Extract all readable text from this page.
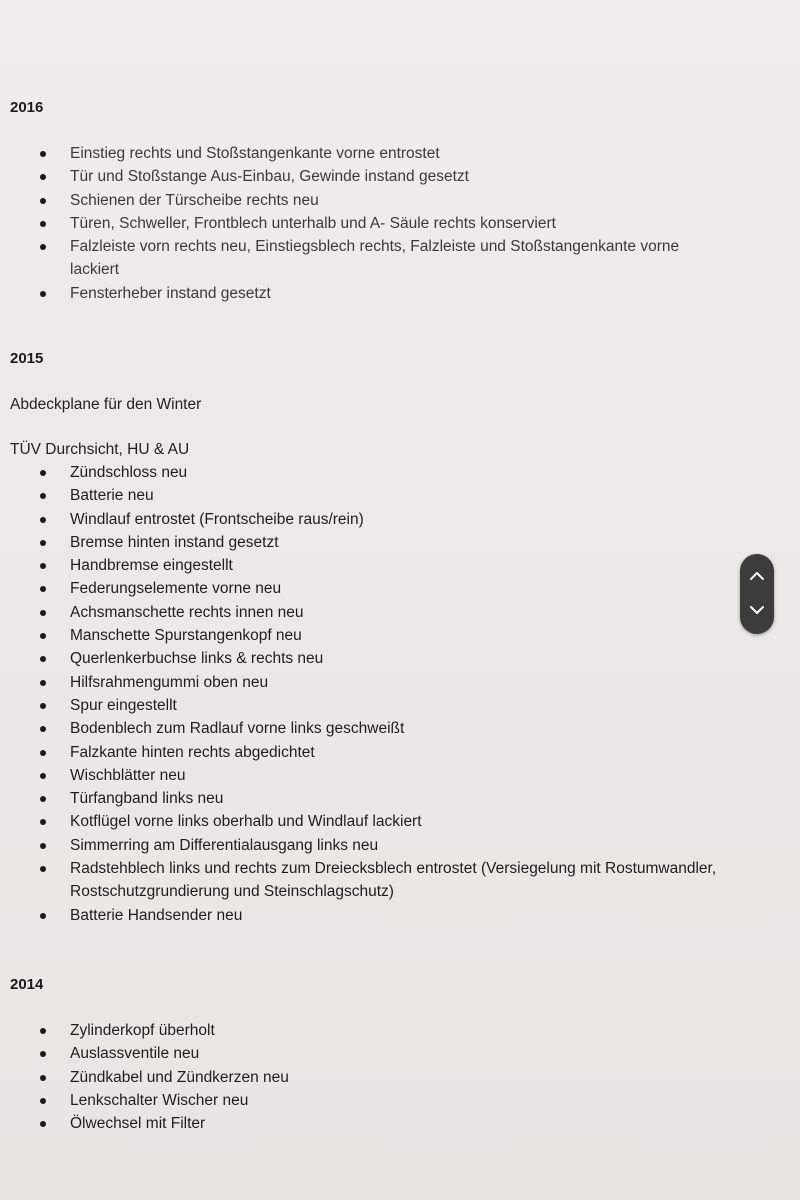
2016
Einstieg rechts und Stoßstangenkante vorne entrostet
Tür und Stoßstange Aus-Einbau, Gewinde instand gesetzt
Schienen der Türscheibe rechts neu
Türen, Schweller, Frontblech unterhalb und A- Säule rechts konserviert
Falzleiste vorn rechts neu, Einstiegsblech rechts, Falzleiste und Stoßstangenkante vorne lackiert
Fensterheber instand gesetzt
2015

Abdeckplane für den Winter

TÜV Durchsicht, HU & AU

Zündschloss neu
Batterie neu
Windlauf entrostet (Frontscheibe raus/rein)
Bremse hinten instand gesetzt
Handbremse eingestellt
Federungselemente vorne neu
Achsmanschette rechts innen neu
Manschette Spurstangenkopf neu
Querlenkerbuchse links & rechts neu
Hilfsrahmengummi oben neu
Spur eingestellt
Bodenblech zum Radlauf vorne links geschweißt
Falzkante hinten rechts abgedichtet
Wischblätter neu
Türfangband links neu
Kotflügel vorne links oberhalb und Windlauf lackiert
Simmerring am Differentialausgang links neu
Radstehblech links und rechts zum Dreiecksblech entrostet (Versiegelung mit Rostumwandler, Rostschutzgrundierung und Steinschlagschutz)
Batterie Handsender neu
2014
Zylinderkopf überholt
Auslassventile neu
Zündkabel und Zündkerzen neu
Lenkschalter Wischer neu
Ölwechsel mit Filter
